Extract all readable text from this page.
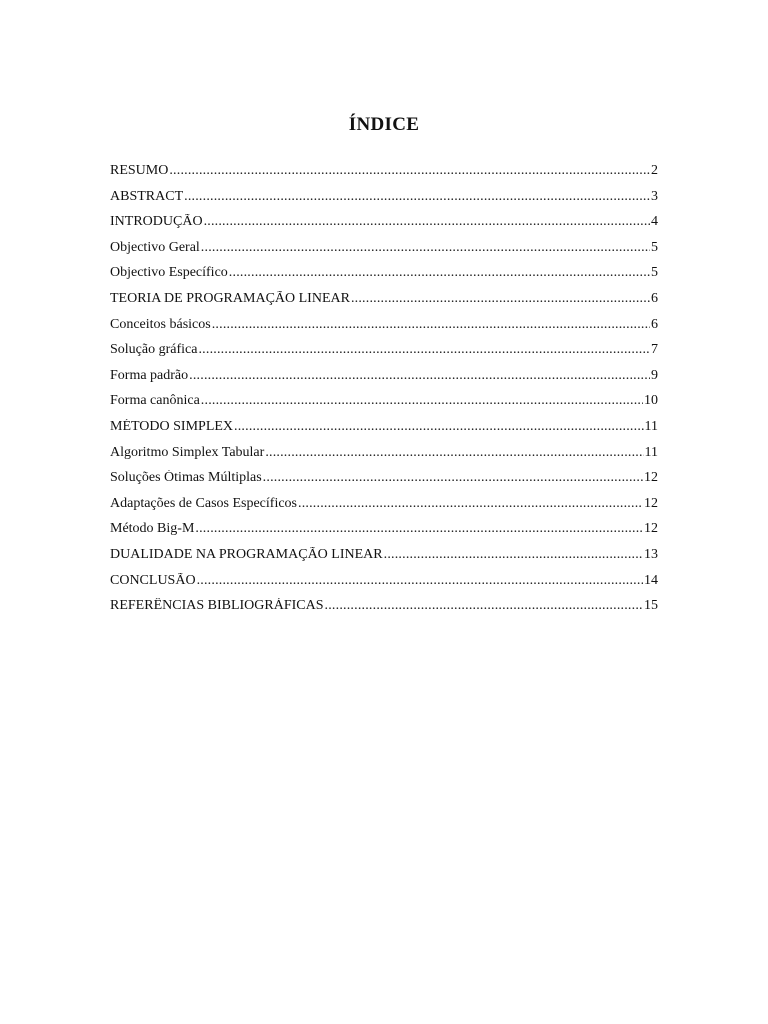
ÍNDICE
RESUMO .....	2
ABSTRACT .....	3
INTRODUÇÃO .....	4
Objectivo Geral .....	5
Objectivo Específico .....	5
TEORIA DE PROGRAMAÇÃO LINEAR .....	6
Conceitos básicos .....	6
Solução gráfica .....	7
Forma padrão .....	9
Forma canônica .....	10
MÉTODO SIMPLEX .....	11
Algoritmo Simplex Tabular .....	11
Soluções Ótimas Múltiplas .....	12
Adaptações de Casos Específicos .....	12
Método Big-M .....	12
DUALIDADE NA PROGRAMAÇÃO LINEAR .....	13
CONCLUSÃO .....	14
REFERÊNCIAS BIBLIOGRÁFICAS .....	15
